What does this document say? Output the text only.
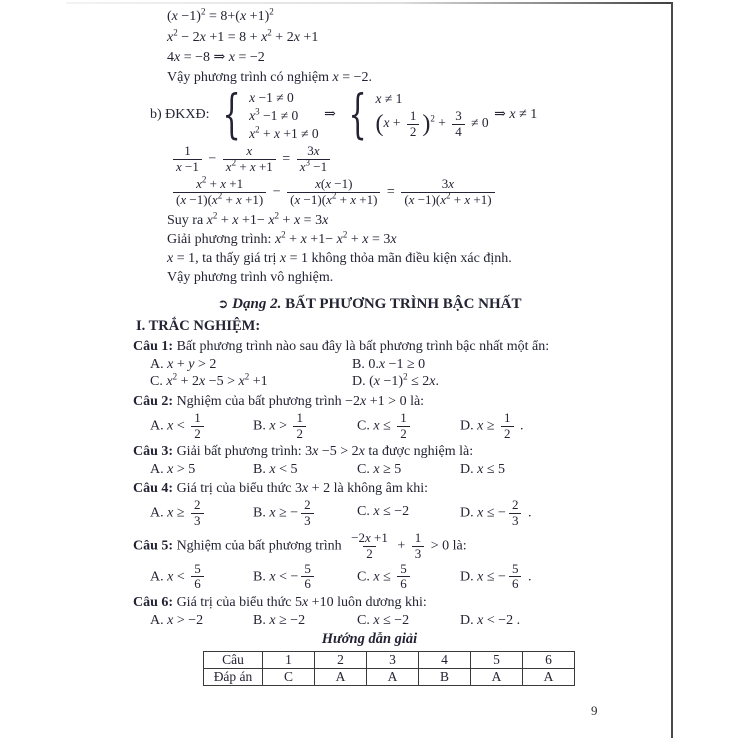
$(x -1)^2 = 8+(x +1)^2$
$x^2 - 2x +1 = 8 + x^2 + 2x +1$
4x = −8 ⇒ x = −2
Vậy phương trình có nghiệm x = −2.
b) ĐKXĐ: { x −1 ≠ 0
$x^3 -1 \ne 0$
$x^2 + x +1 \ne 0$
⇒ { x ≠ 1
$(x + \frac{1}{2} )^2 + \frac{3}{4} \ne 0$
⇒ x ≠ 1
$\frac{1}{x -1} - \frac{x}{x^2 + x +1} = \frac{3x}{x^3 -1}$
$\frac{x^2 + x +1}{(x -1)(x^2 + x +1)} - \frac{x(x -1)}{(x -1)(x^2 + x +1)} = \frac{3x}{(x -1)(x^2 + x +1)}$
Suy ra $x^2 + x +1- x^2 + x = 3x$
Giải phương trình: $x^2 + x +1- x^2 + x = 3x$
x = 1, ta thấy giá trị x = 1 không thỏa mãn điều kiện xác định.
Vậy phương trình vô nghiệm.
➲ Dạng 2. BẤT PHƯƠNG TRÌNH BẬC NHẤT
I. TRẮC NGHIỆM:
Câu 1: Bất phương trình nào sau đây là bất phương trình bậc nhất một ẩn:
A. x + y > 2	B. 0.x −1 ≥ 0
C. $x^2 + 2x -5 > x^2 +1$	D. $(x -1)^2 \le 2x$.
Câu 2: Nghiệm của bất phương trình −2x +1 > 0 là:
A. $x < \frac{1}{2}$	B. $x > \frac{1}{2}$	C. $x \le \frac{1}{2}$	D. $x \ge \frac{1}{2}$ .
Câu 3: Giải bất phương trình: 3x −5 > 2x ta được nghiệm là:
A. x > 5	B. x < 5	C. x ≥ 5	D. x ≤ 5
Câu 4: Giá trị của biểu thức 3x + 2 là không âm khi:
A. $x \ge \frac{2}{3}$	B. x ≥ − $\frac{2}{3}$	C. x ≤ −2	D. x ≤ − $\frac{2}{3}$ .
Câu 5: Nghiệm của bất phương trình $\frac{-2x +1}{2} + \frac{1}{3} > 0$ là:
A. $x < \frac{5}{6}$	B. x < − $\frac{5}{6}$	C. $x \le \frac{5}{6}$	D. x ≤ − $\frac{5}{6}$ .
Câu 6: Giá trị của biểu thức 5x +10 luôn dương khi:
A. x > −2	B. x ≥ −2	C. x ≤ −2	D. x < −2 .
Hướng dẫn giải
Câu	1	2	3	4	5	6
Đáp án	C	A	A	B	A	A
9
